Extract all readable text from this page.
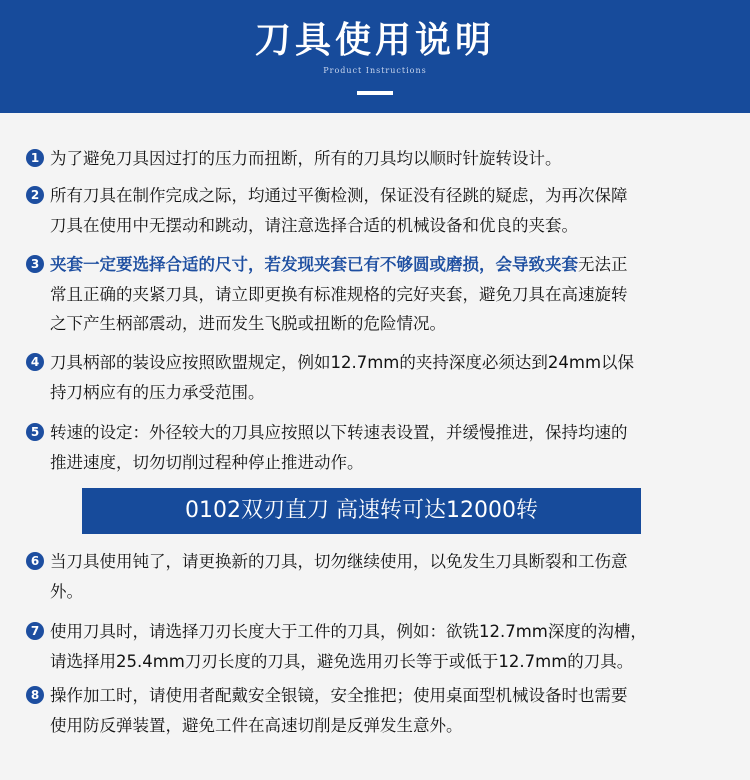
刀具使用说明
Product Instructions
1 为了避免刀具因过打的压力而扭断，所有的刀具均以顺时针旋转设计。
2 所有刀具在制作完成之际，均通过平衡检测，保证没有径跳的疑虑，为再次保障
刀具在使用中无摆动和跳动，请注意选择合适的机械设备和优良的夹套。
3 夹套一定要选择合适的尺寸，若发现夹套已有不够圆或磨损，会导致夹套无法正
常且正确的夹紧刀具，请立即更换有标准规格的完好夹套，避免刀具在高速旋转
之下产生柄部震动，进而发生飞脱或扭断的危险情况。
4 刀具柄部的装设应按照欧盟规定，例如12.7mm的夹持深度必须达到24mm以保
持刀柄应有的压力承受范围。
5 转速的设定：外径较大的刀具应按照以下转速表设置，并缓慢推进，保持均速的
推进速度，切勿切削过程种停止推进动作。
0102双刃直刀 高速转可达12000转
6 当刀具使用钝了，请更换新的刀具，切勿继续使用，以免发生刀具断裂和工伤意
外。
7 使用刀具时，请选择刀刃长度大于工件的刀具，例如：欲铣12.7mm深度的沟槽，
请选择用25.4mm刀刃长度的刀具，避免选用刃长等于或低于12.7mm的刀具。
8 操作加工时，请使用者配戴安全银镜，安全推把；使用桌面型机械设备时也需要
使用防反弹装置，避免工件在高速切削是反弹发生意外。
